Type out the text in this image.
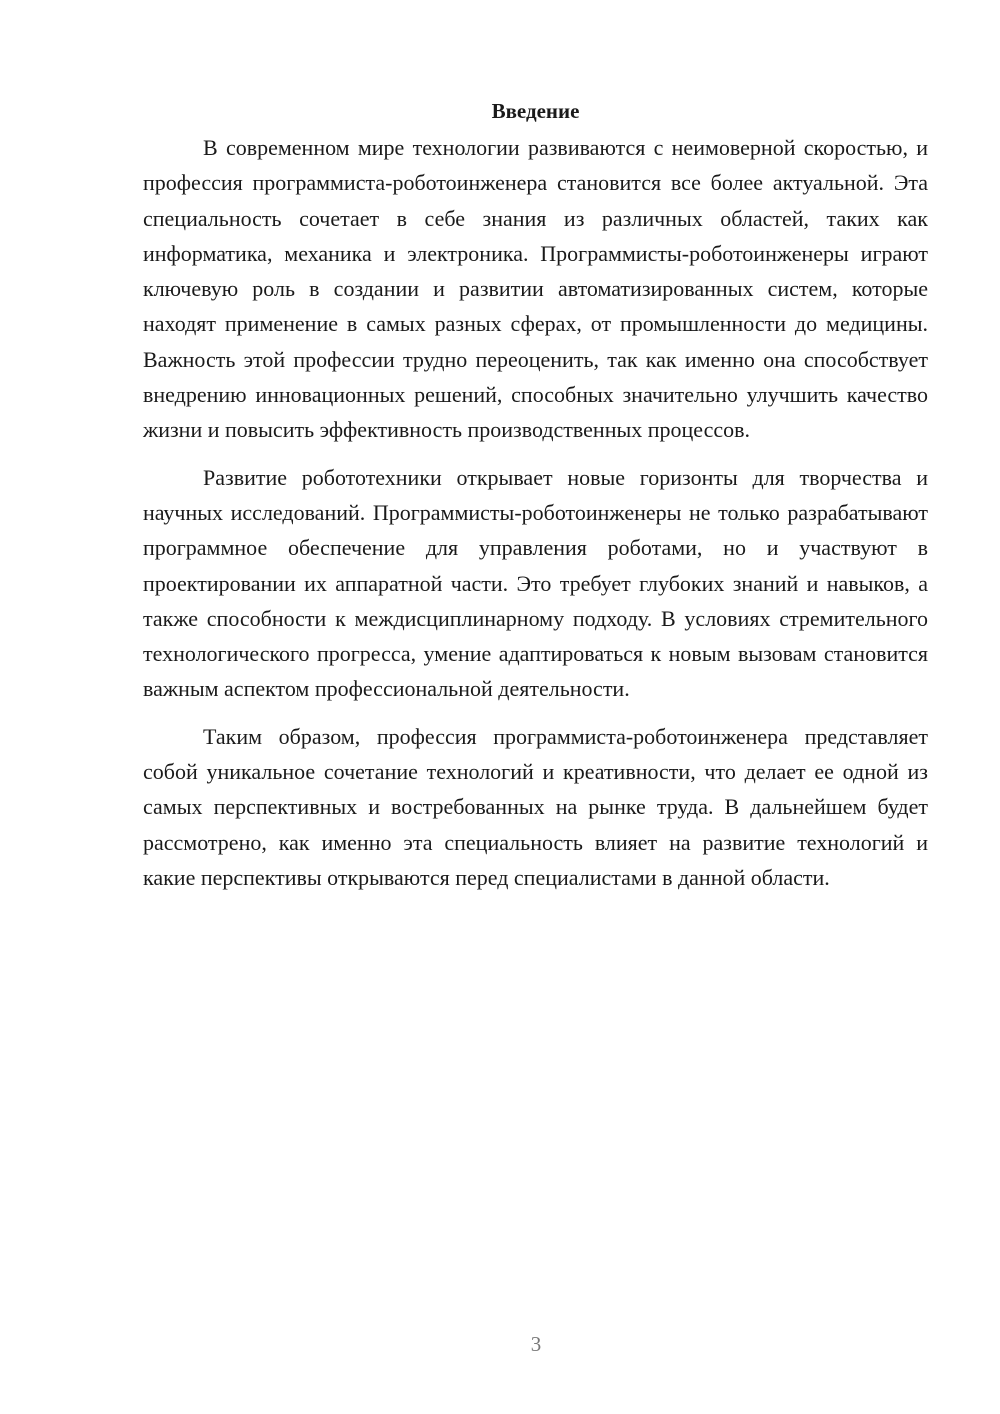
Введение

В современном мире технологии развиваются с неимоверной скоростью, и профессия программиста-роботоинженера становится все более актуальной. Эта специальность сочетает в себе знания из различных областей, таких как информатика, механика и электроника. Программисты-роботоинженеры играют ключевую роль в создании и развитии автоматизированных систем, которые находят применение в самых разных сферах, от промышленности до медицины. Важность этой профессии трудно переоценить, так как именно она способствует внедрению инновационных решений, способных значительно улучшить качество жизни и повысить эффективность производственных процессов.

Развитие робототехники открывает новые горизонты для творчества и научных исследований. Программисты-роботоинженеры не только разрабатывают программное обеспечение для управления роботами, но и участвуют в проектировании их аппаратной части. Это требует глубоких знаний и навыков, а также способности к междисциплинарному подходу. В условиях стремительного технологического прогресса, умение адаптироваться к новым вызовам становится важным аспектом профессиональной деятельности.

Таким образом, профессия программиста-роботоинженера представляет собой уникальное сочетание технологий и креативности, что делает ее одной из самых перспективных и востребованных на рынке труда. В дальнейшем будет рассмотрено, как именно эта специальность влияет на развитие технологий и какие перспективы открываются перед специалистами в данной области.

3
